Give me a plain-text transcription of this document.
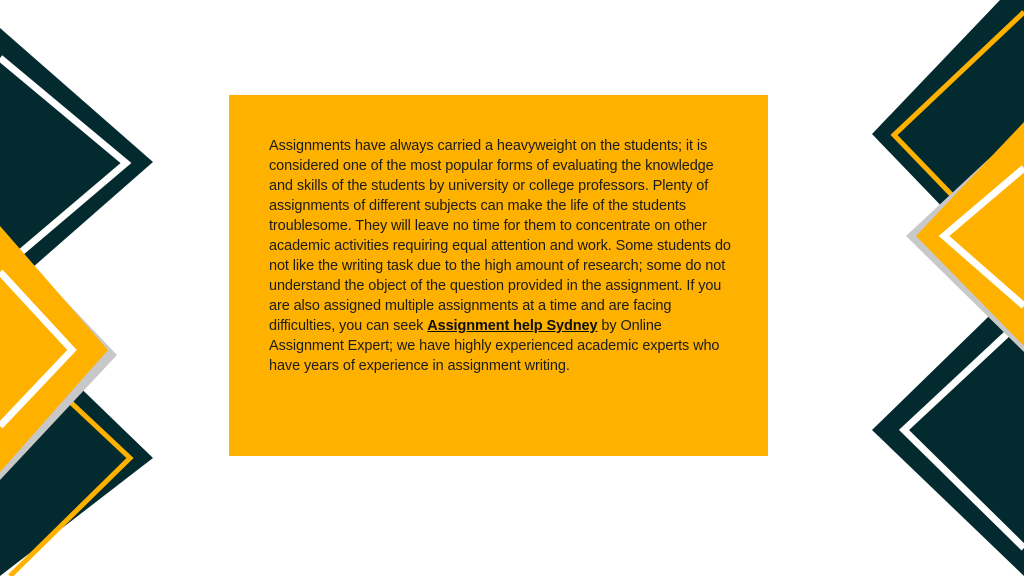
Assignments have always carried a heavyweight on the students; it is considered one of the most popular forms of evaluating the knowledge and skills of the students by university or college professors. Plenty of assignments of different subjects can make the life of the students troublesome. They will leave no time for them to concentrate on other academic activities requiring equal attention and work. Some students do not like the writing task due to the high amount of research; some do not understand the object of the question provided in the assignment. If you are also assigned multiple assignments at a time and are facing difficulties, you can seek Assignment help Sydney by Online Assignment Expert; we have highly experienced academic experts who have years of experience in assignment writing.
